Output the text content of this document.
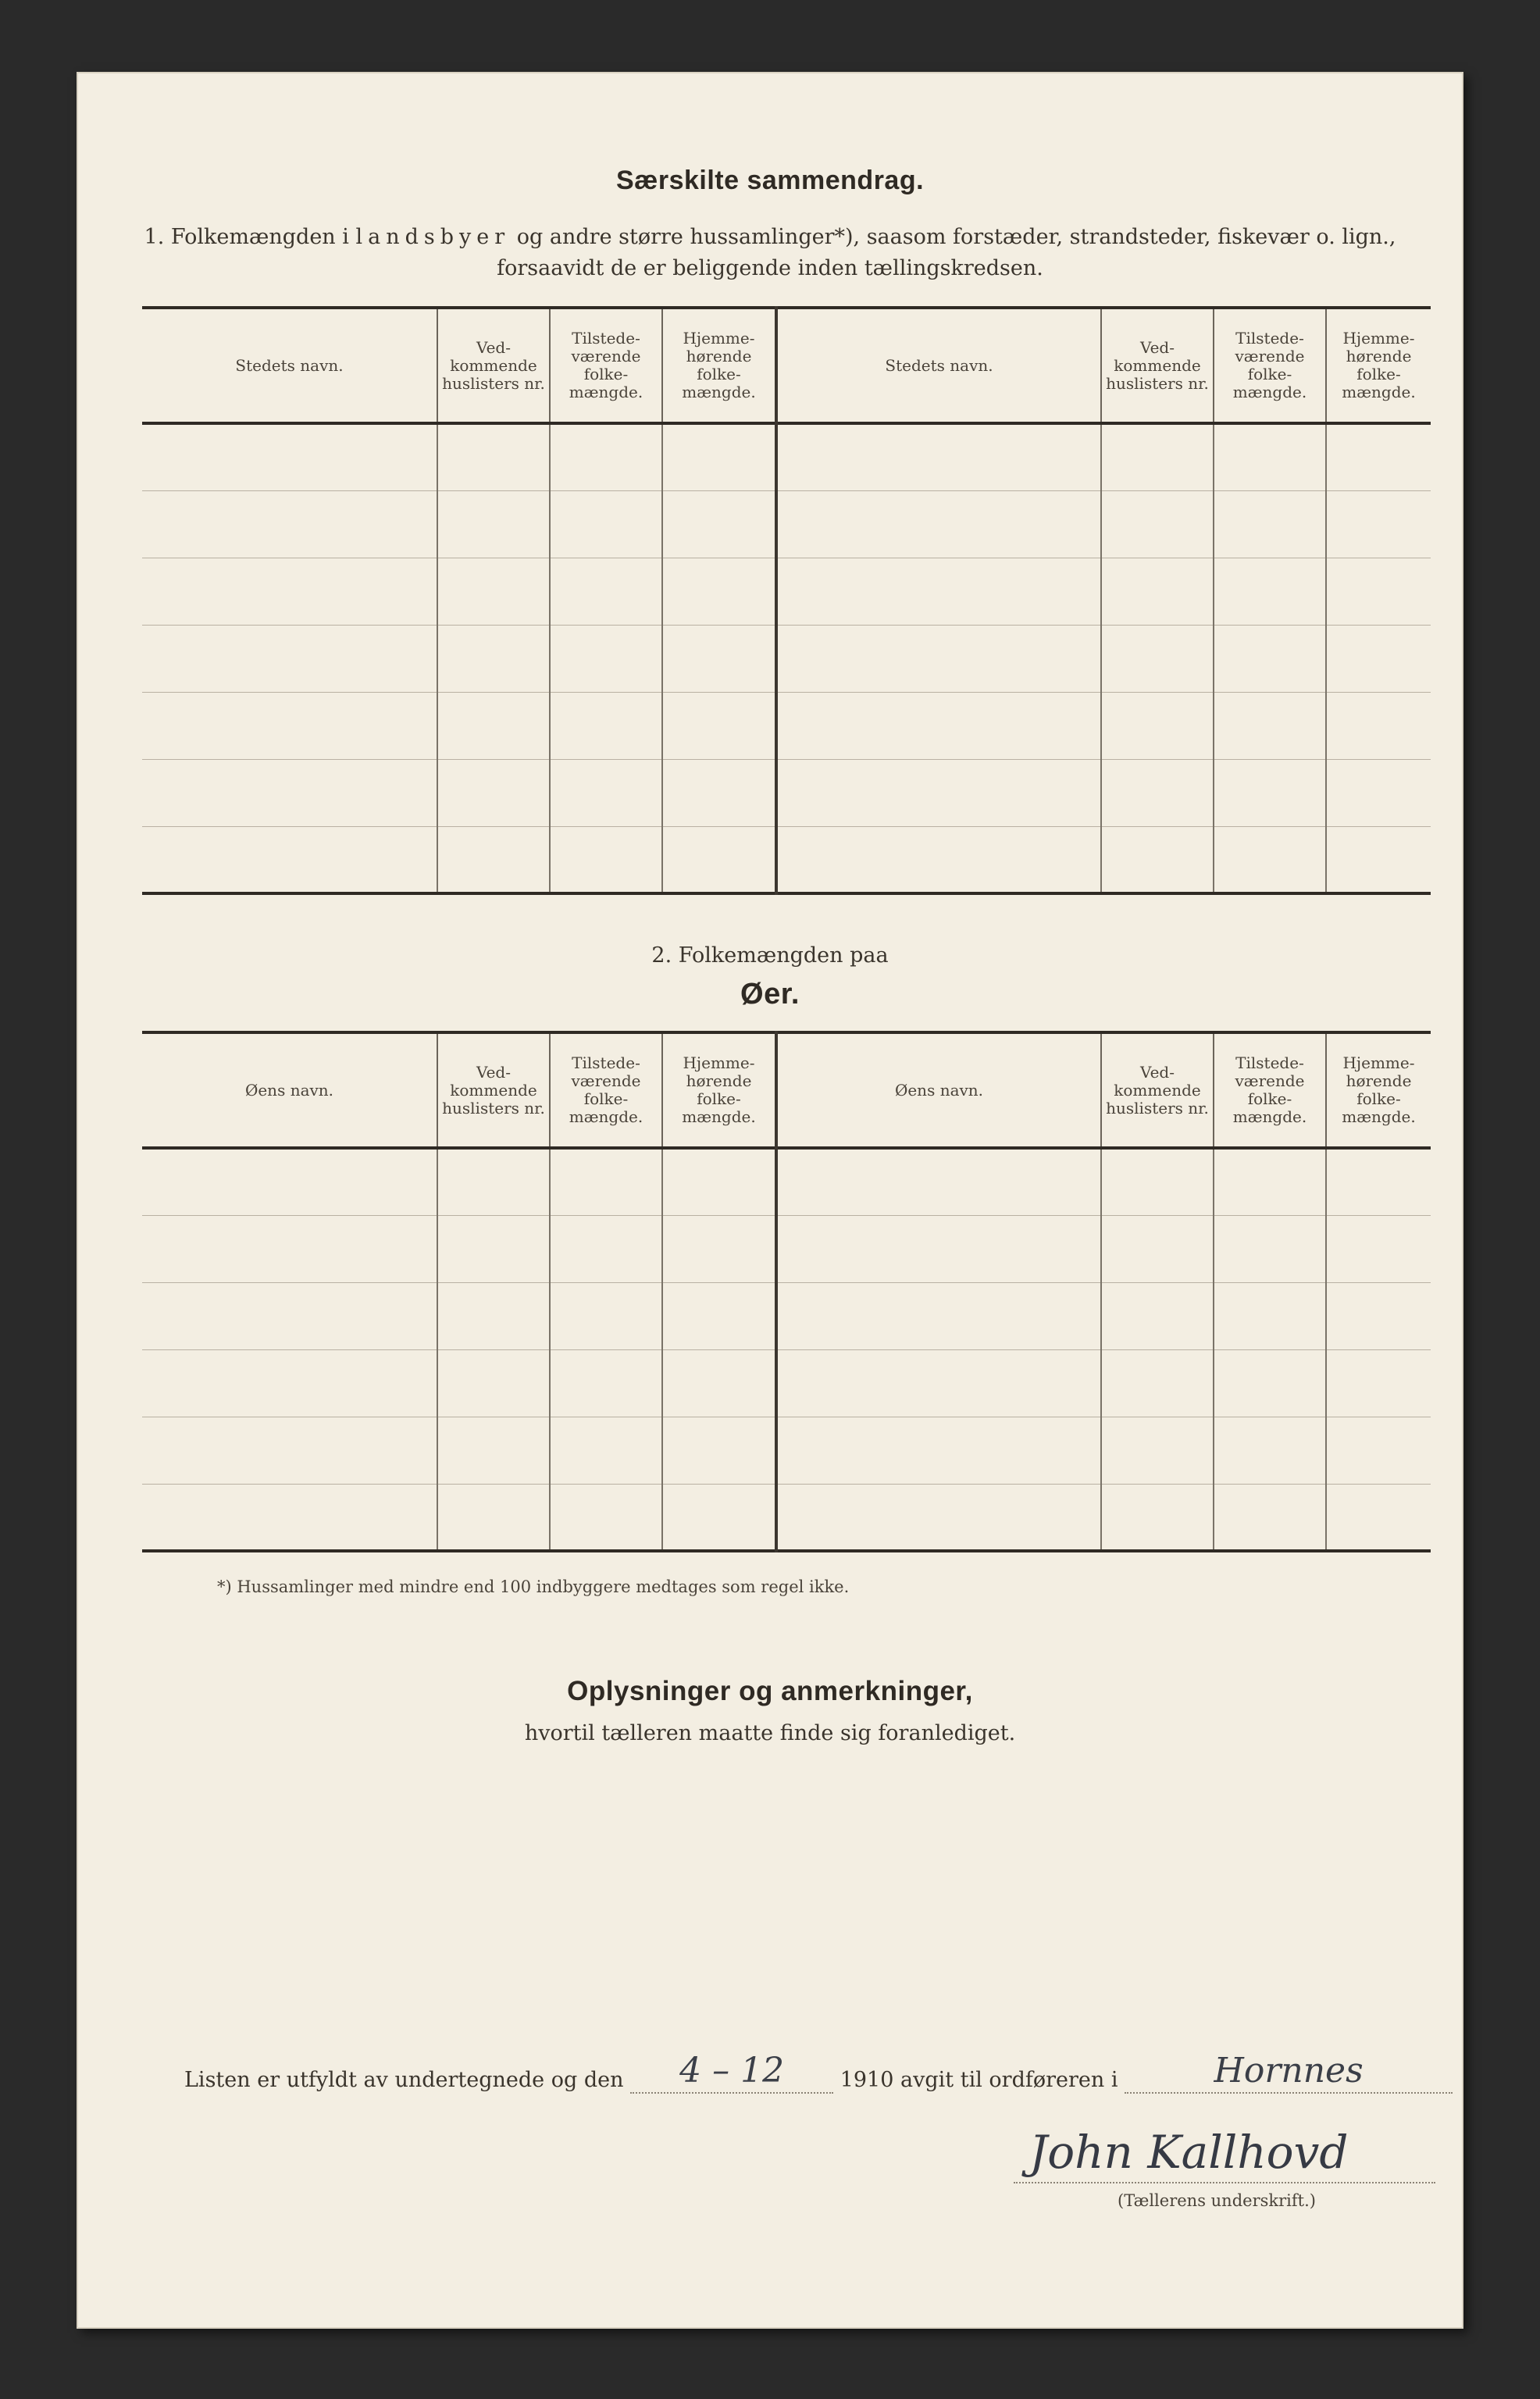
Særskilte sammendrag.
1. Folkemængden i landsbyer og andre større hussamlinger*), saasom forstæder, strandsteder, fiskevær o. lign.,
forsaavidt de er beliggende inden tællingskredsen.
Stedets navn.	Ved-kommende huslisters nr.	Tilstede-værende folke-mængde.	Hjemme-hørende folke-mængde.	Stedets navn.	Ved-kommende huslisters nr.	Tilstede-værende folke-mængde.	Hjemme-hørende folke-mængde.

2. Folkemængden paa
Øer.
Øens navn.	Ved-kommende huslisters nr.	Tilstede-værende folke-mængde.	Hjemme-hørende folke-mængde.	Øens navn.	Ved-kommende huslisters nr.	Tilstede-værende folke-mængde.	Hjemme-hørende folke-mængde.

*) Hussamlinger med mindre end 100 indbyggere medtages som regel ikke.
Oplysninger og anmerkninger,
hvortil tælleren maatte finde sig foranlediget.
Listen er utfyldt av undertegnede og den	4 – 12	1910 avgit til ordføreren i	Hornnes
John Kallhovd
(Tællerens underskrift.)
